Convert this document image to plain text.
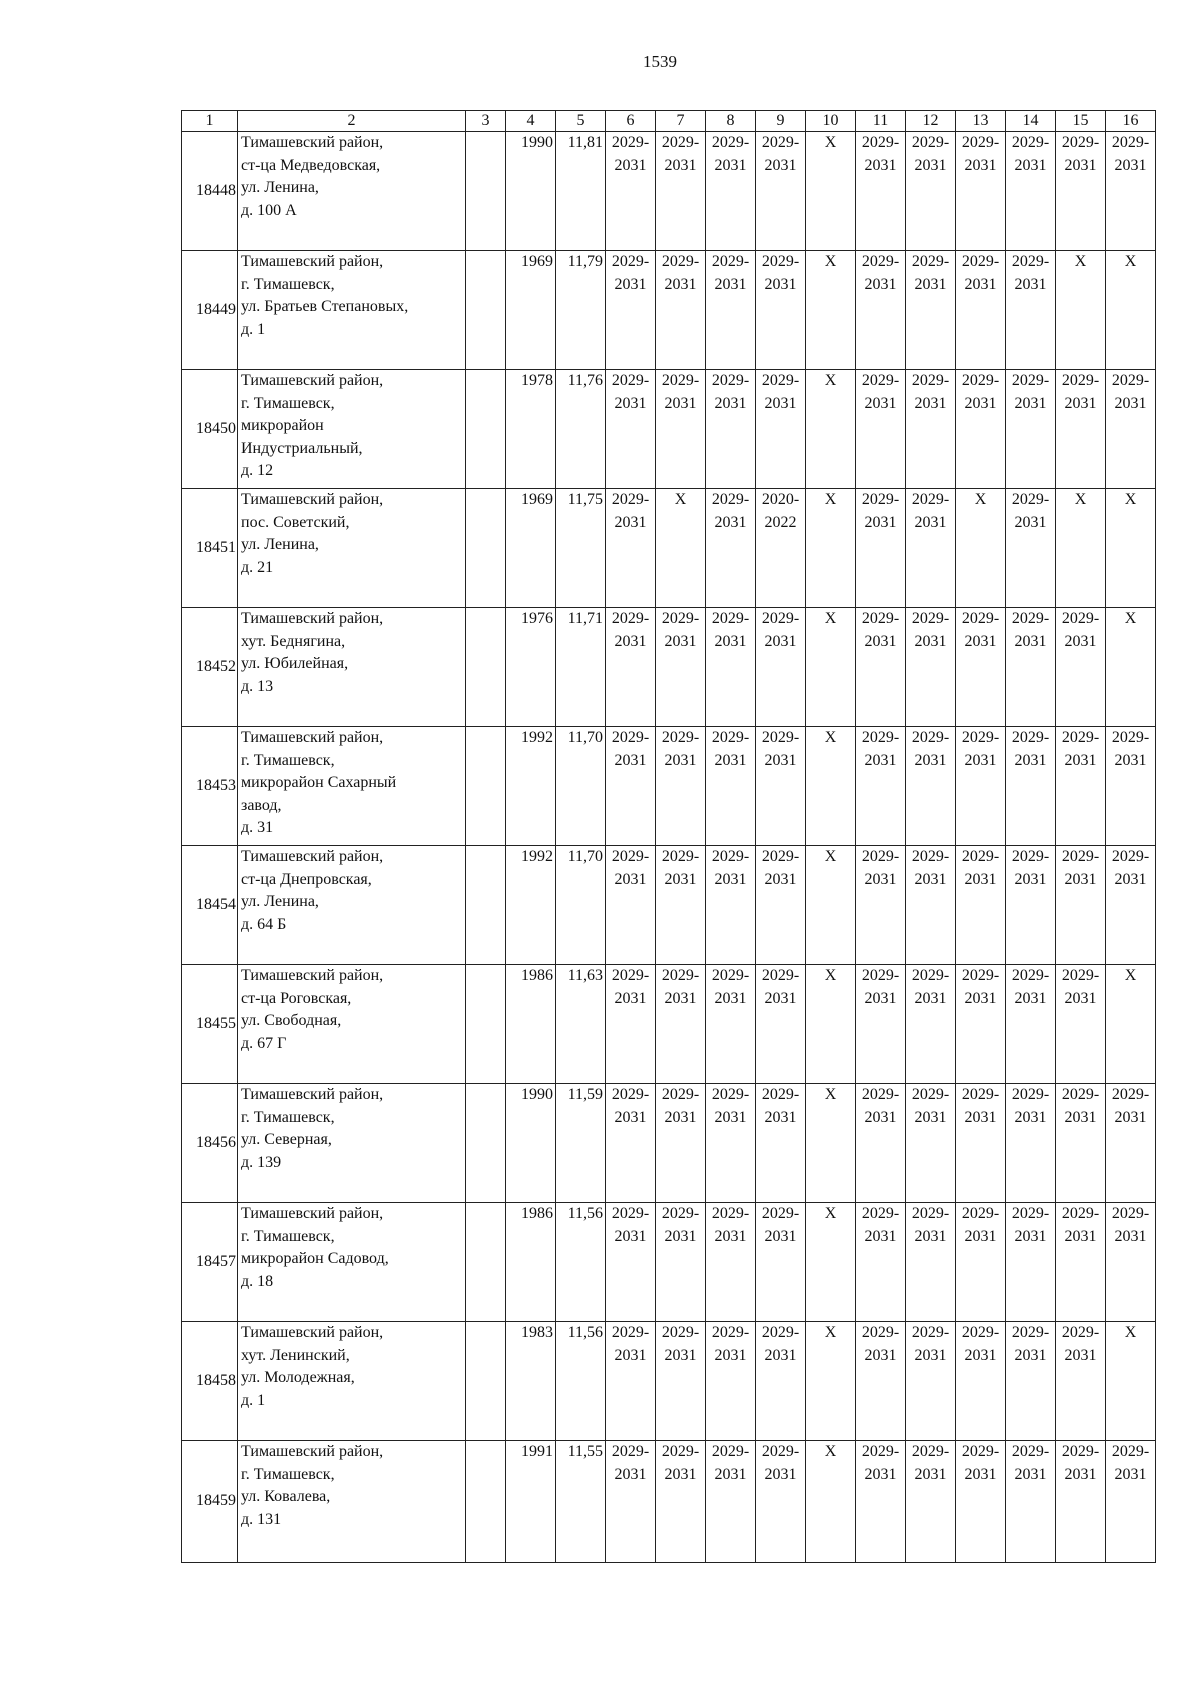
1539
1	2	3	4	5	6	7	8	9	10	11	12	13	14	15	16
18448	Тимашевский район,
ст-ца Медведовская,
ул. Ленина,
д. 100 А		1990	11,81	2029-
2031	2029-
2031	2029-
2031	2029-
2031	X	2029-
2031	2029-
2031	2029-
2031	2029-
2031	2029-
2031	2029-
2031

18449	Тимашевский район,
г. Тимашевск,
ул. Братьев Степановых,
д. 1		1969	11,79	2029-
2031	2029-
2031	2029-
2031	2029-
2031	X	2029-
2031	2029-
2031	2029-
2031	2029-
2031	X	X

18450	Тимашевский район,
г. Тимашевск,
микрорайон
Индустриальный,
д. 12		1978	11,76	2029-
2031	2029-
2031	2029-
2031	2029-
2031	X	2029-
2031	2029-
2031	2029-
2031	2029-
2031	2029-
2031	2029-
2031

18451	Тимашевский район,
пос. Советский,
ул. Ленина,
д. 21		1969	11,75	2029-
2031	X	2029-
2031	2020-
2022	X	2029-
2031	2029-
2031	X	2029-
2031	X	X

18452	Тимашевский район,
хут. Беднягина,
ул. Юбилейная,
д. 13		1976	11,71	2029-
2031	2029-
2031	2029-
2031	2029-
2031	X	2029-
2031	2029-
2031	2029-
2031	2029-
2031	2029-
2031	X

18453	Тимашевский район,
г. Тимашевск,
микрорайон Сахарный
завод,
д. 31		1992	11,70	2029-
2031	2029-
2031	2029-
2031	2029-
2031	X	2029-
2031	2029-
2031	2029-
2031	2029-
2031	2029-
2031	2029-
2031

18454	Тимашевский район,
ст-ца Днепровская,
ул. Ленина,
д. 64 Б		1992	11,70	2029-
2031	2029-
2031	2029-
2031	2029-
2031	X	2029-
2031	2029-
2031	2029-
2031	2029-
2031	2029-
2031	2029-
2031

18455	Тимашевский район,
ст-ца Роговская,
ул. Свободная,
д. 67 Г		1986	11,63	2029-
2031	2029-
2031	2029-
2031	2029-
2031	X	2029-
2031	2029-
2031	2029-
2031	2029-
2031	2029-
2031	X

18456	Тимашевский район,
г. Тимашевск,
ул. Северная,
д. 139		1990	11,59	2029-
2031	2029-
2031	2029-
2031	2029-
2031	X	2029-
2031	2029-
2031	2029-
2031	2029-
2031	2029-
2031	2029-
2031

18457	Тимашевский район,
г. Тимашевск,
микрорайон Садовод,
д. 18		1986	11,56	2029-
2031	2029-
2031	2029-
2031	2029-
2031	X	2029-
2031	2029-
2031	2029-
2031	2029-
2031	2029-
2031	2029-
2031

18458	Тимашевский район,
хут. Ленинский,
ул. Молодежная,
д. 1		1983	11,56	2029-
2031	2029-
2031	2029-
2031	2029-
2031	X	2029-
2031	2029-
2031	2029-
2031	2029-
2031	2029-
2031	X

18459	Тимашевский район,
г. Тимашевск,
ул. Ковалева,
д. 131		1991	11,55	2029-
2031	2029-
2031	2029-
2031	2029-
2031	X	2029-
2031	2029-
2031	2029-
2031	2029-
2031	2029-
2031	2029-
2031
